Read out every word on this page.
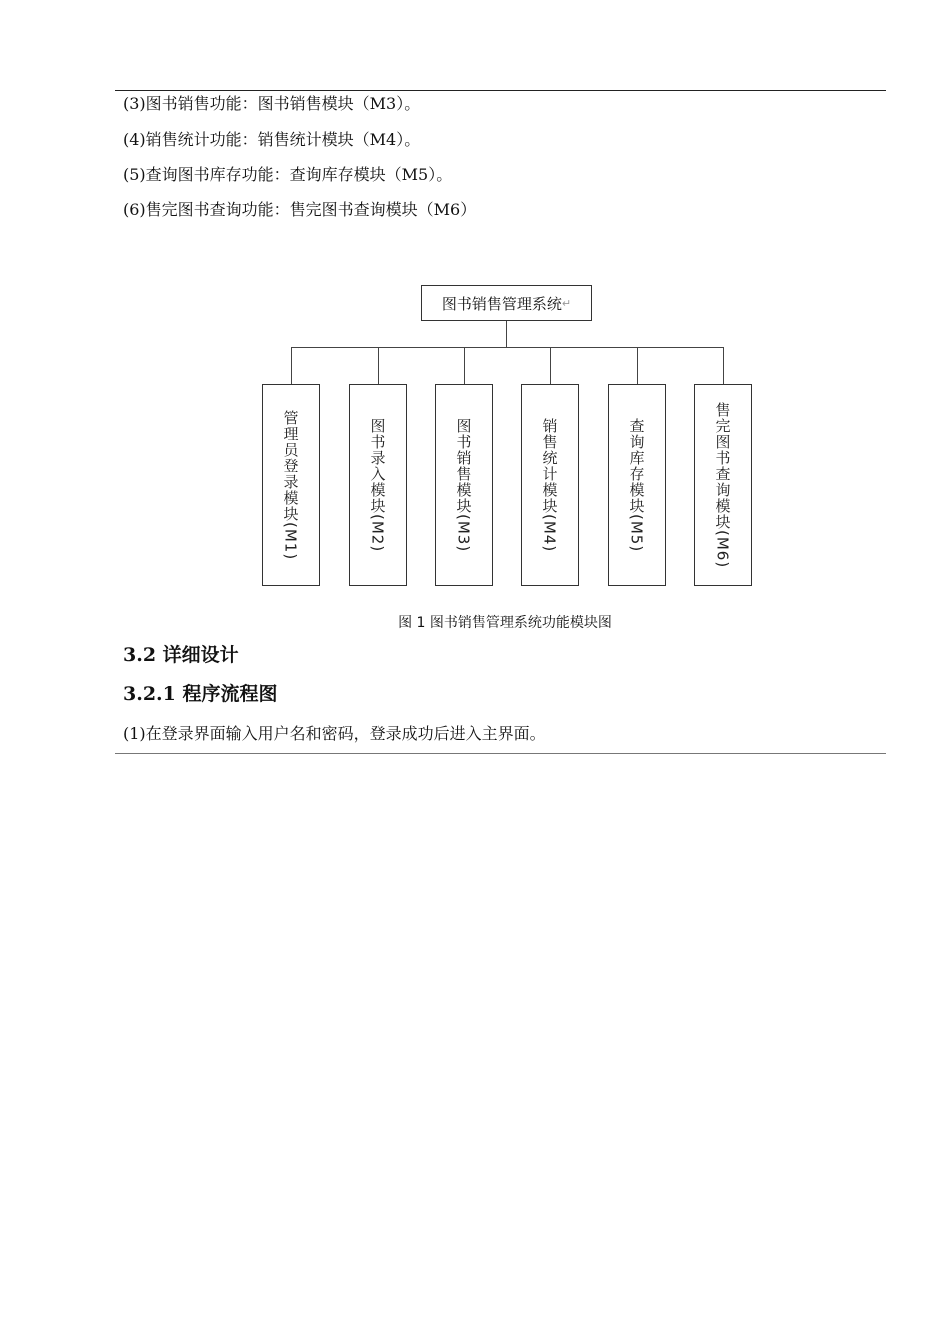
(3)图书销售功能：图书销售模块（M3）。
(4)销售统计功能：销售统计模块（M4）。
(5)查询图书库存功能：查询库存模块（M5）。
(6)售完图书查询功能：售完图书查询模块（M6）
图书销售管理系统 ↵
管理员登录模块(M1)	图书录入模块(M2)	图书销售模块(M3)	销售统计模块(M4)	查询库存模块(M5)	售完图书查询模块(M6)
图 1 图书销售管理系统功能模块图
3.2 详细设计
3.2.1 程序流程图
(1)在登录界面输入用户名和密码，登录成功后进入主界面。
